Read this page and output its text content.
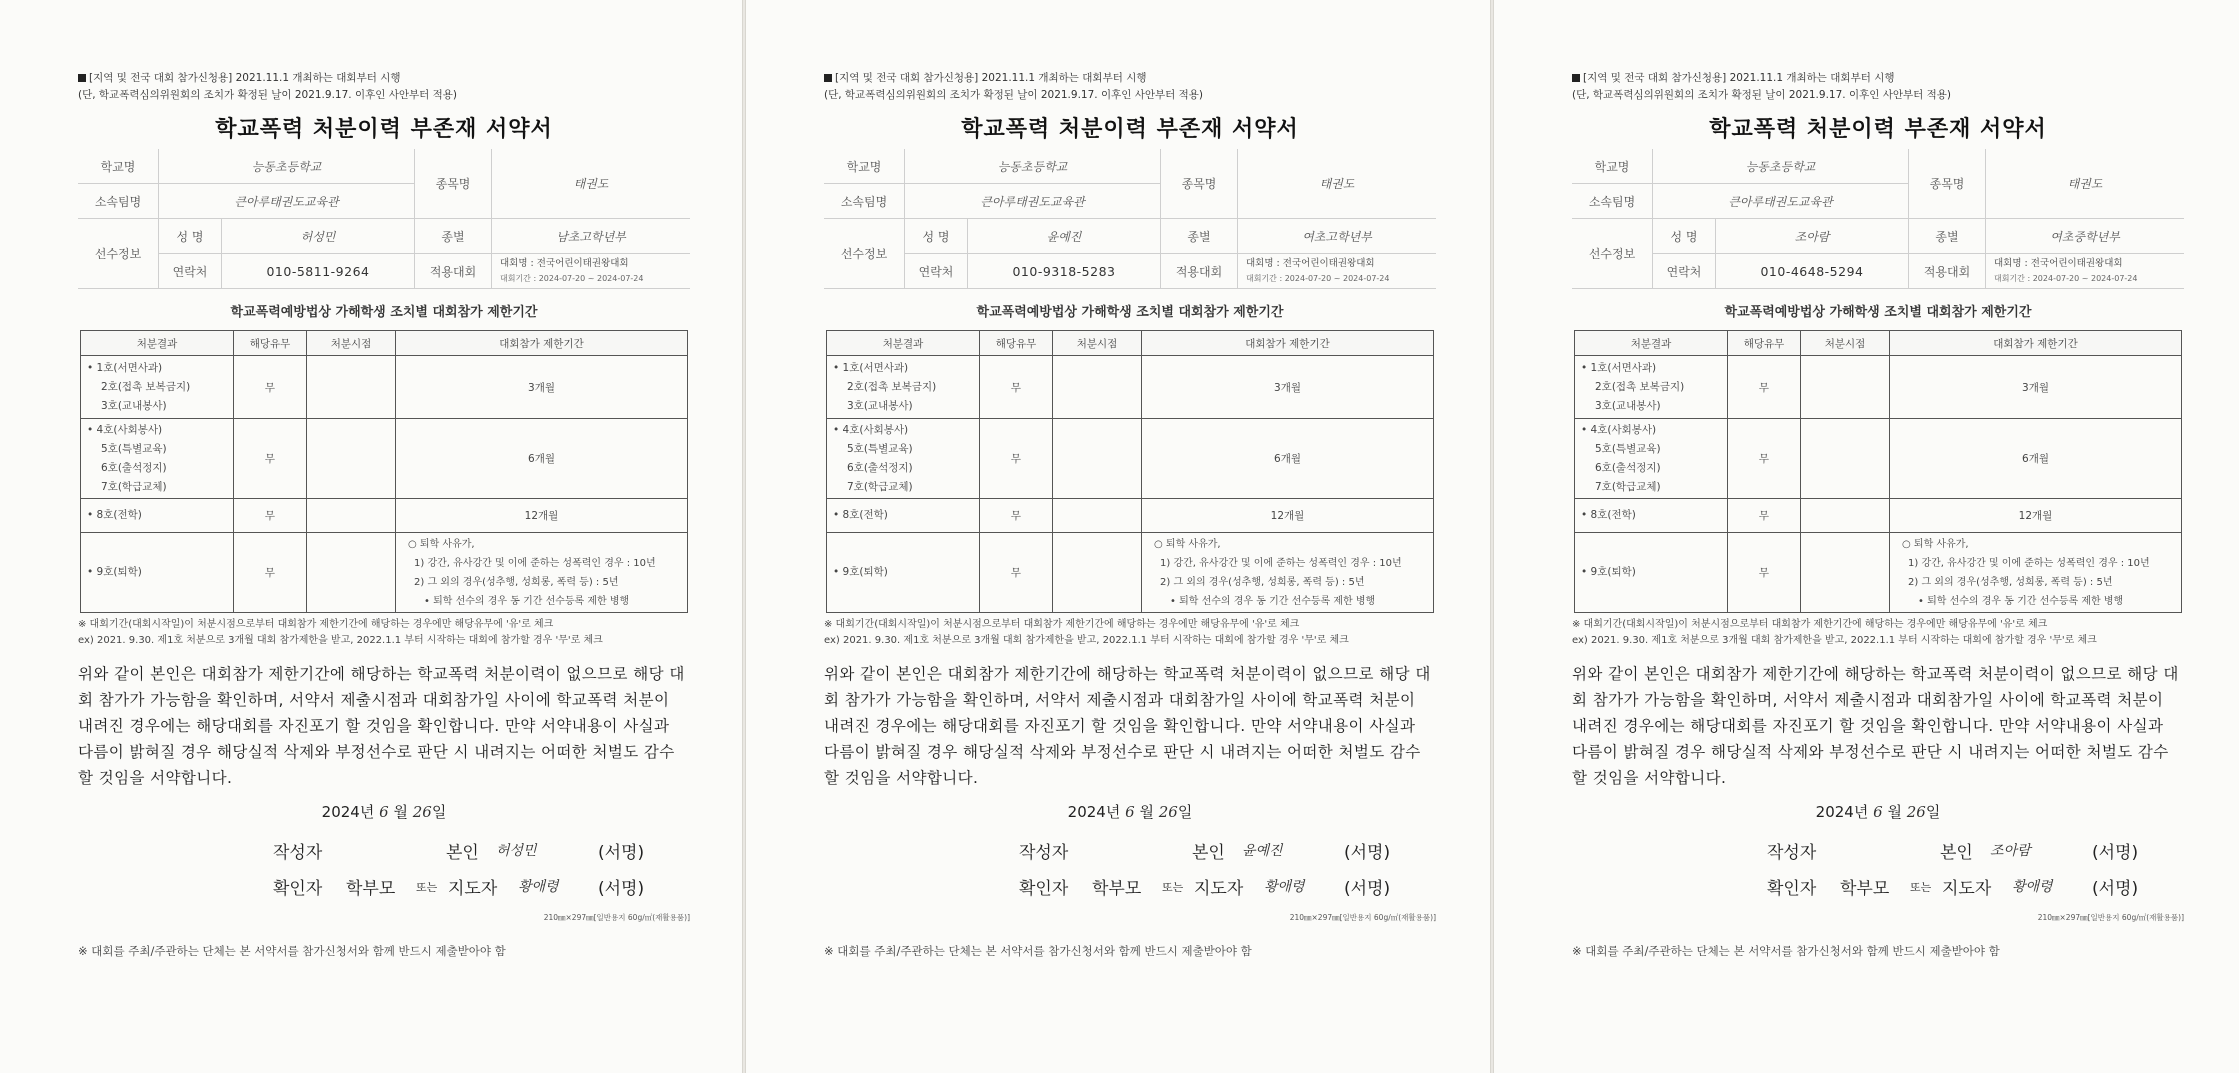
[지역 및 전국 대회 참가신청용] 2021.11.1 개최하는 대회부터 시행
(단, 학교폭력심의위원회의 조치가 확정된 날이 2021.9.17. 이후인 사안부터 적용)
학교폭력 처분이력 부존재 서약서
학교명	능동초등학교		종목명	태권도
소속팀명	큰아루태권도교육관			
선수정보	성 명	허성민	종별	남초고학년부
	연락처	010-5811-9264	적용대회	대회명 : 전국어린이태권왕대회
대회기간 : 2024-07-20 ~ 2024-07-24
학교폭력예방법상 가해학생 조치별 대회참가 제한기간
처분결과	해당유무	처분시점	대회참가 제한기간

• 1호(서면사과)
2호(접촉 보복금지)
3호(교내봉사)	무		3개월

• 4호(사회봉사)
5호(특별교육)
6호(출석정지)
7호(학급교체)	무		6개월

• 8호(전학)	무		12개월

• 9호(퇴학)	무		○ 퇴학 사유가,
1) 강간, 유사강간 및 이에 준하는 성폭력인 경우 : 10년
2) 그 외의 경우(성추행, 성희롱, 폭력 등) : 5년
• 퇴학 선수의 경우 동 기간 선수등록 제한 병행
※ 대회기간(대회시작일)이 처분시점으로부터 대회참가 제한기간에 해당하는 경우에만 해당유무에 '유'로 체크
ex) 2021. 9.30. 제1호 처분으로 3개월 대회 참가제한을 받고, 2022.1.1 부터 시작하는 대회에 참가할 경우 '무'로 체크
위와 같이 본인은 대회참가 제한기간에 해당하는 학교폭력 처분이력이 없으므로 해당 대회 참가가 가능함을 확인하며, 서약서 제출시점과 대회참가일 사이에 학교폭력 처분이 내려진 경우에는 해당대회를 자진포기 할 것임을 확인합니다. 만약 서약내용이 사실과 다름이 밝혀질 경우 해당실적 삭제와 부정선수로 판단 시 내려지는 어떠한 처벌도 감수할 것임을 서약합니다.
2024년 6 월 26일
작성자	본인 허성민	(서명)
확인자 학부모 또는 지도자 황애령 (서명)
210㎜×297㎜[일반용지 60g/㎡(재활용품)]
※ 대회를 주최/주관하는 단체는 본 서약서를 참가신청서와 함께 반드시 제출받아야 함
[지역 및 전국 대회 참가신청용] 2021.11.1 개최하는 대회부터 시행
(단, 학교폭력심의위원회의 조치가 확정된 날이 2021.9.17. 이후인 사안부터 적용)
학교폭력 처분이력 부존재 서약서
학교명	능동초등학교		종목명	태권도
소속팀명	큰아루태권도교육관			
선수정보	성 명	윤예진	종별	여초고학년부
	연락처	010-9318-5283	적용대회	대회명 : 전국어린이태권왕대회
대회기간 : 2024-07-20 ~ 2024-07-24
학교폭력예방법상 가해학생 조치별 대회참가 제한기간
처분결과	해당유무	처분시점	대회참가 제한기간

• 1호(서면사과)
2호(접촉 보복금지)
3호(교내봉사)	무		3개월

• 4호(사회봉사)
5호(특별교육)
6호(출석정지)
7호(학급교체)	무		6개월

• 8호(전학)	무		12개월

• 9호(퇴학)	무		○ 퇴학 사유가,
1) 강간, 유사강간 및 이에 준하는 성폭력인 경우 : 10년
2) 그 외의 경우(성추행, 성희롱, 폭력 등) : 5년
• 퇴학 선수의 경우 동 기간 선수등록 제한 병행
※ 대회기간(대회시작일)이 처분시점으로부터 대회참가 제한기간에 해당하는 경우에만 해당유무에 '유'로 체크
ex) 2021. 9.30. 제1호 처분으로 3개월 대회 참가제한을 받고, 2022.1.1 부터 시작하는 대회에 참가할 경우 '무'로 체크
위와 같이 본인은 대회참가 제한기간에 해당하는 학교폭력 처분이력이 없으므로 해당 대회 참가가 가능함을 확인하며, 서약서 제출시점과 대회참가일 사이에 학교폭력 처분이 내려진 경우에는 해당대회를 자진포기 할 것임을 확인합니다. 만약 서약내용이 사실과 다름이 밝혀질 경우 해당실적 삭제와 부정선수로 판단 시 내려지는 어떠한 처벌도 감수할 것임을 서약합니다.
2024년 6 월 26일
작성자	본인 윤예진	(서명)
확인자 학부모 또는 지도자 황애령 (서명)
210㎜×297㎜[일반용지 60g/㎡(재활용품)]
※ 대회를 주최/주관하는 단체는 본 서약서를 참가신청서와 함께 반드시 제출받아야 함
[지역 및 전국 대회 참가신청용] 2021.11.1 개최하는 대회부터 시행
(단, 학교폭력심의위원회의 조치가 확정된 날이 2021.9.17. 이후인 사안부터 적용)
학교폭력 처분이력 부존재 서약서
학교명	능동초등학교		종목명	태권도
소속팀명	큰아루태권도교육관			
선수정보	성 명	조아람	종별	여초중학년부
	연락처	010-4648-5294	적용대회	대회명 : 전국어린이태권왕대회
대회기간 : 2024-07-20 ~ 2024-07-24
학교폭력예방법상 가해학생 조치별 대회참가 제한기간
처분결과	해당유무	처분시점	대회참가 제한기간

• 1호(서면사과)
2호(접촉 보복금지)
3호(교내봉사)	무		3개월

• 4호(사회봉사)
5호(특별교육)
6호(출석정지)
7호(학급교체)	무		6개월

• 8호(전학)	무		12개월

• 9호(퇴학)	무		○ 퇴학 사유가,
1) 강간, 유사강간 및 이에 준하는 성폭력인 경우 : 10년
2) 그 외의 경우(성추행, 성희롱, 폭력 등) : 5년
• 퇴학 선수의 경우 동 기간 선수등록 제한 병행
※ 대회기간(대회시작일)이 처분시점으로부터 대회참가 제한기간에 해당하는 경우에만 해당유무에 '유'로 체크
ex) 2021. 9.30. 제1호 처분으로 3개월 대회 참가제한을 받고, 2022.1.1 부터 시작하는 대회에 참가할 경우 '무'로 체크
위와 같이 본인은 대회참가 제한기간에 해당하는 학교폭력 처분이력이 없으므로 해당 대회 참가가 가능함을 확인하며, 서약서 제출시점과 대회참가일 사이에 학교폭력 처분이 내려진 경우에는 해당대회를 자진포기 할 것임을 확인합니다. 만약 서약내용이 사실과 다름이 밝혀질 경우 해당실적 삭제와 부정선수로 판단 시 내려지는 어떠한 처벌도 감수할 것임을 서약합니다.
2024년 6 월 26일
작성자	본인 조아람	(서명)
확인자 학부모 또는 지도자 황애령 (서명)
210㎜×297㎜[일반용지 60g/㎡(재활용품)]
※ 대회를 주최/주관하는 단체는 본 서약서를 참가신청서와 함께 반드시 제출받아야 함
